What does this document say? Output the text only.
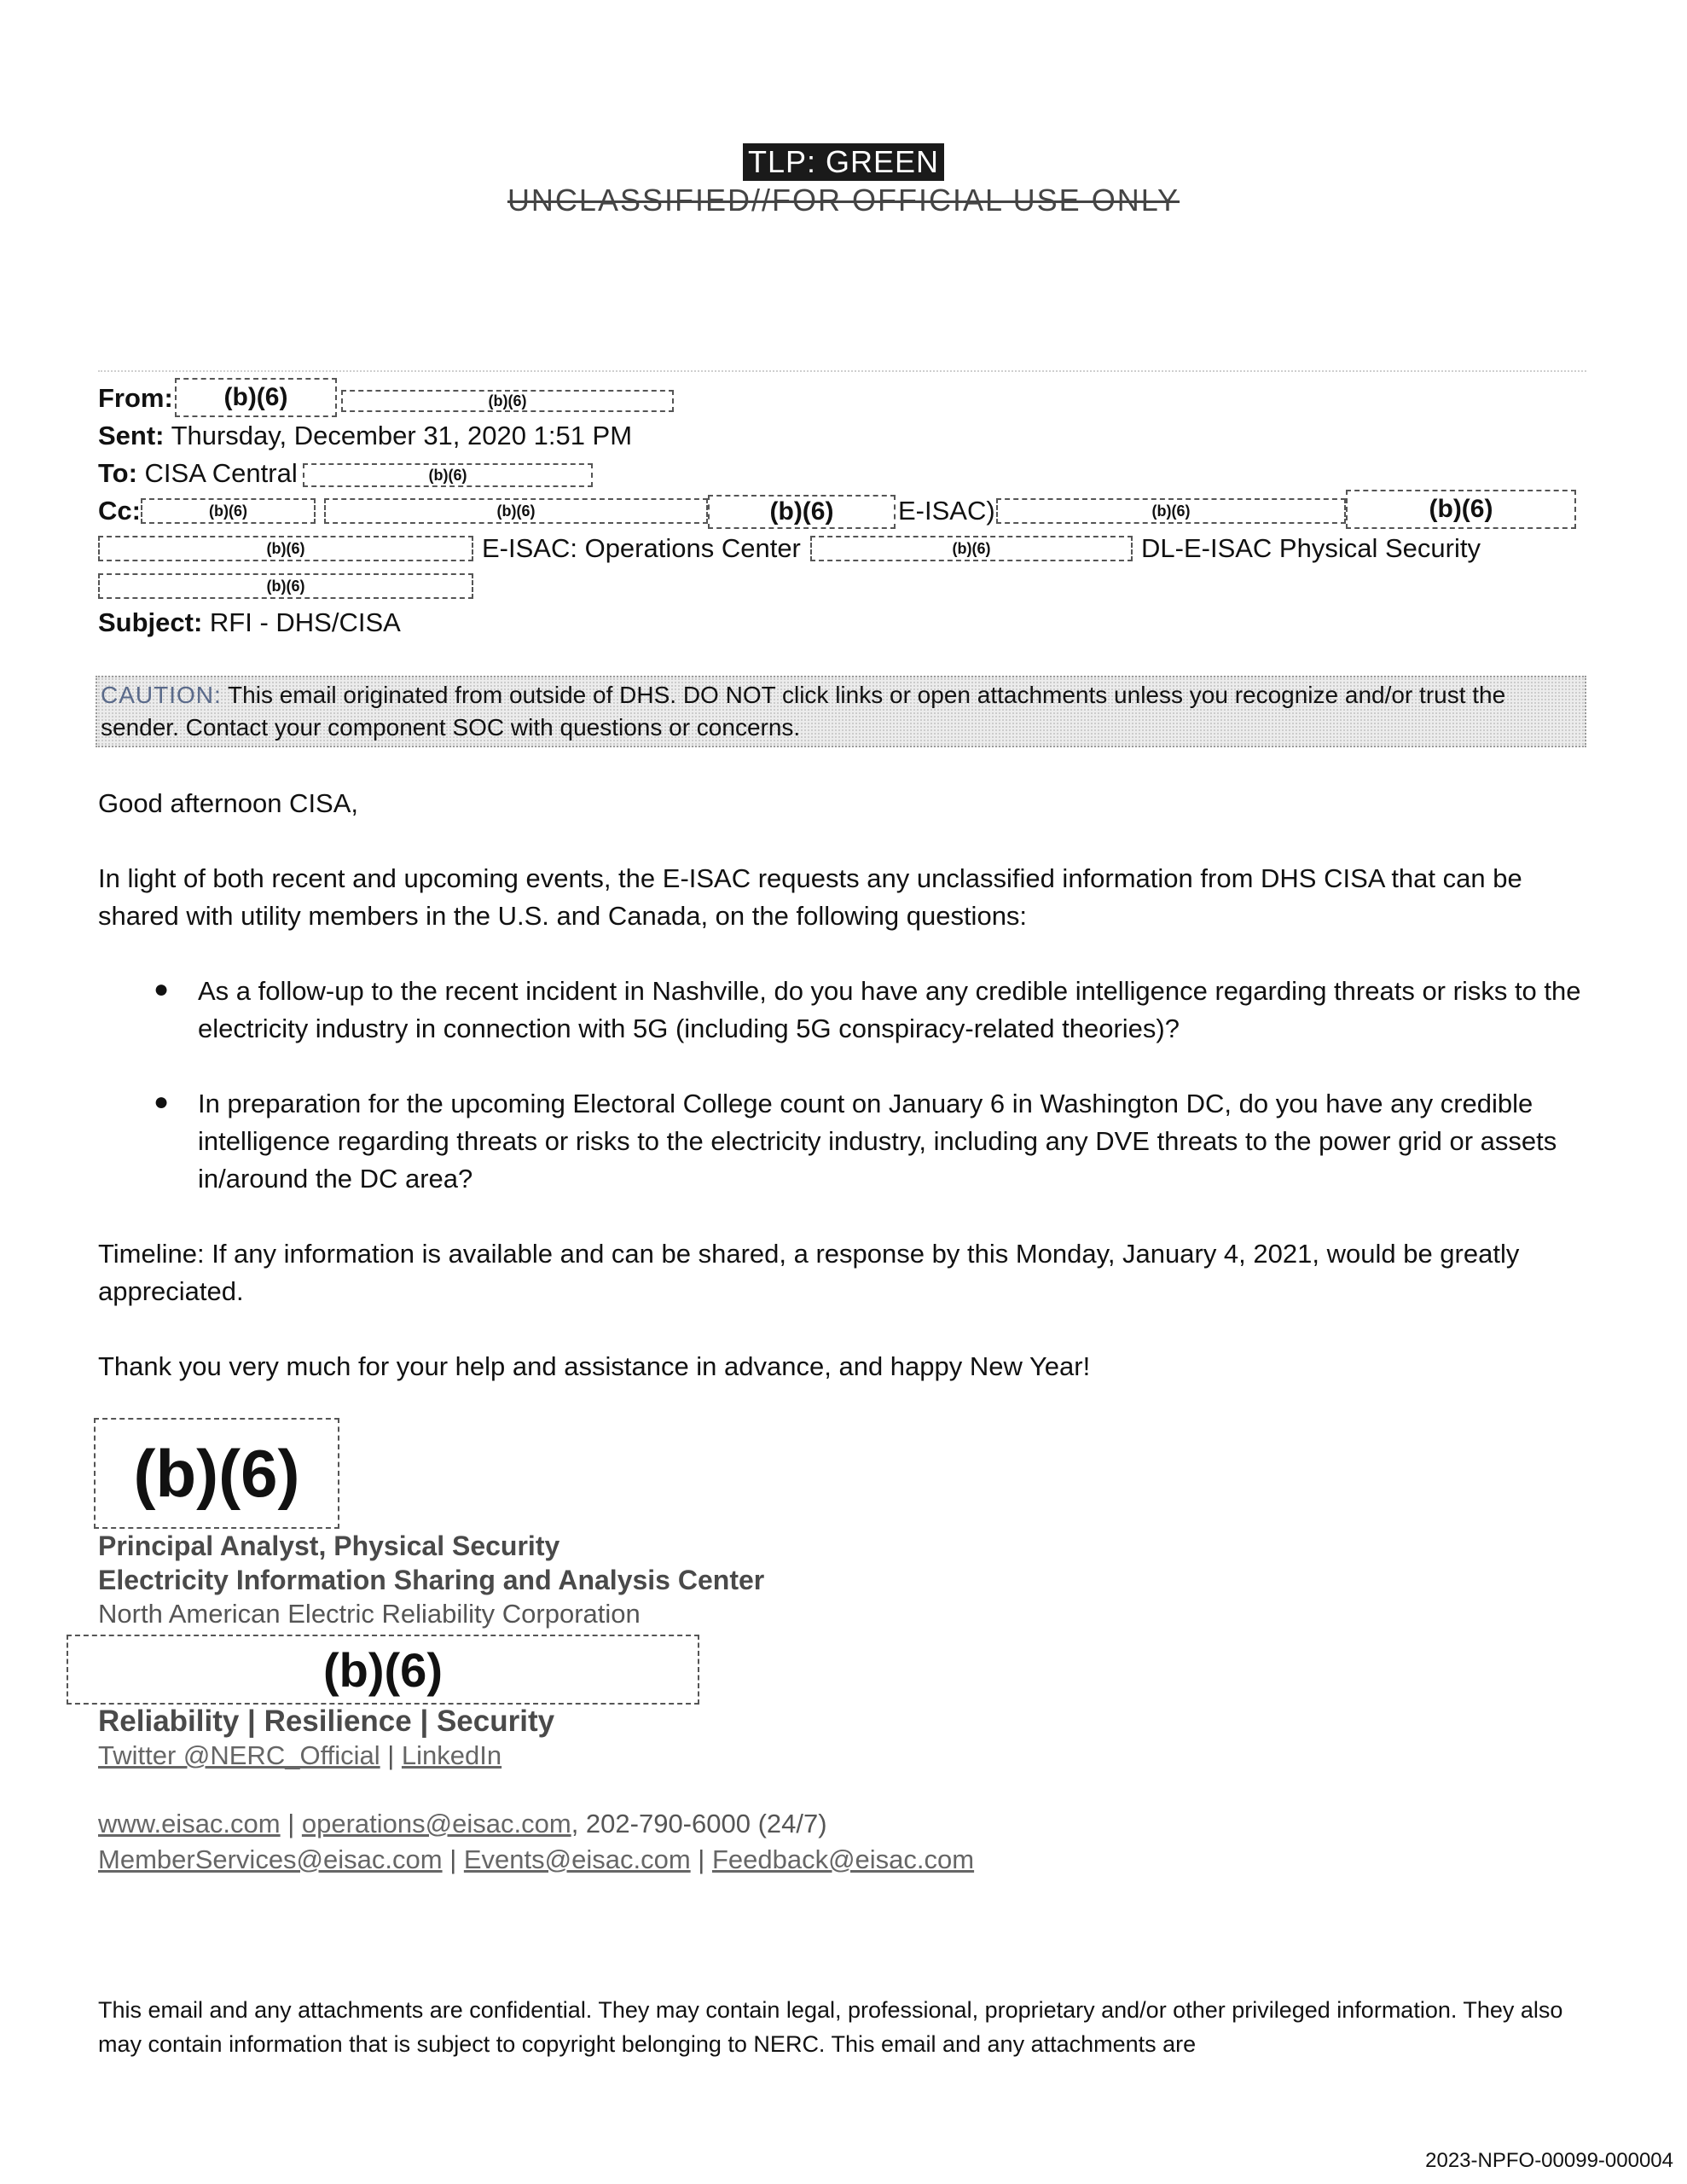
TLP: GREEN
UNCLASSIFIED//FOR OFFICIAL USE ONLY
From:	(b)(6)	(b)(6)
Sent: Thursday, December 31, 2020 1:51 PM
To: CISA Central	(b)(6)
Cc:	(b)(6)	(b)(6)	(b)(6)	E-ISAC)	(b)(6)	(b)(6)
(b)(6)	E-ISAC: Operations Center	(b)(6)	DL-E-ISAC Physical Security
(b)(6)
Subject: RFI - DHS/CISA
CAUTION: This email originated from outside of DHS. DO NOT click links or open attachments unless you recognize and/or trust the sender. Contact your component SOC with questions or concerns.
Good afternoon CISA,
In light of both recent and upcoming events, the E-ISAC requests any unclassified information from DHS CISA that can be shared with utility members in the U.S. and Canada, on the following questions:
● As a follow-up to the recent incident in Nashville, do you have any credible intelligence regarding threats or risks to the electricity industry in connection with 5G (including 5G conspiracy-related theories)?
● In preparation for the upcoming Electoral College count on January 6 in Washington DC, do you have any credible intelligence regarding threats or risks to the electricity industry, including any DVE threats to the power grid or assets in/around the DC area?
Timeline: If any information is available and can be shared, a response by this Monday, January 4, 2021, would be greatly appreciated.
Thank you very much for your help and assistance in advance, and happy New Year!
(b)(6)
Principal Analyst, Physical Security
Electricity Information Sharing and Analysis Center
North American Electric Reliability Corporation
(b)(6)
Reliability | Resilience | Security
Twitter @NERC_Official | LinkedIn
www.eisac.com | operations@eisac.com, 202-790-6000 (24/7)
MemberServices@eisac.com | Events@eisac.com | Feedback@eisac.com
This email and any attachments are confidential. They may contain legal, professional, proprietary and/or other privileged information. They also may contain information that is subject to copyright belonging to NERC. This email and any attachments are
2023-NPFO-00099-000004
